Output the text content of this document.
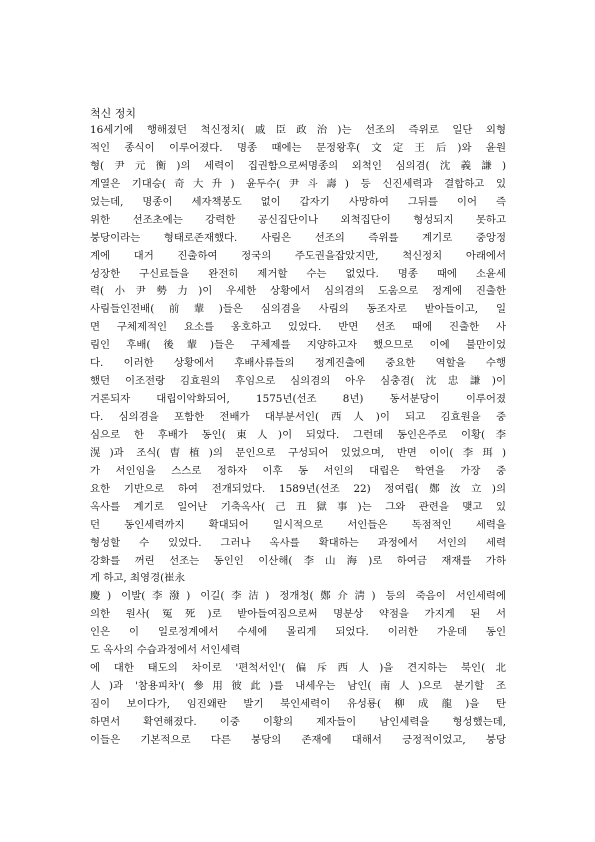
척신 정치
16세기에 행해졌던 척신정치(戚臣政治)는 선조의 즉위로 일단 외형
적인 종식이 이루어졌다. 명종 때에는 문정왕후(文定王后)와 윤원
형(尹元衡)의 세력이 집권함으로써명종의 외척인 심의겸(沈義謙)
계열은 기대승(奇大升) 윤두수(尹斗壽) 등 신진세력과 결합하고 있
었는데, 명종이 세자책봉도 없이 갑자기 사망하여 그뒤를 이어 즉
위한 선조초에는 강력한 공신집단이나 외척집단이 형성되지 못하고
붕당이라는 형태로존재했다. 사림은 선조의 즉위를 계기로 중앙정
계에 대거 진출하여 정국의 주도권을잡았지만, 척신정치 아래에서
성장한 구신료들을 완전히 제거할 수는 없었다. 명종 때에 소윤세
력(小尹勢力)이 우세한 상황에서 심의겸의 도움으로 정계에 진출한
사림들인전배(前輩)들은 심의겸을 사림의 동조자로 받아들이고, 일
면 구체제적인 요소를 옹호하고 있었다. 반면 선조 때에 진출한 사
림인 후배(後輩)들은 구체제를 지양하고자 했으므로 이에 불만이었
다. 이러한 상황에서 후배사류들의 정계진출에 중요한 역할을 수행
했던 이조전랑 김효원의 후임으로 심의겸의 아우 심충겸(沈忠謙)이
거론되자 대립이악화되어, 1575년(선조 8년) 동서분당이 이루어졌
다. 심의겸을 포함한 전배가 대부분서인(西人)이 되고 김효원을 중
심으로 한 후배가 동인(東人)이 되었다. 그런데 동인은주로 이황(李
滉)과 조식(曺植)의 문인으로 구성되어 있었으며, 반면 이이(李珥)
가 서인임을 스스로 정하자 이후 동 서인의 대립은 학연을 가장 중
요한 기반으로 하여 전개되었다. 1589년(선조 22) 정여립(鄭汝立)의
옥사를 계기로 일어난 기축옥사(己丑獄事)는 그와 관련을 맺고 있
던 동인세력까지 확대되어 일시적으로 서인들은 독점적인 세력을
형성할 수 있었다. 그러나 옥사를 확대하는 과정에서 서인의 세력
강화를 꺼린 선조는 동인인 이산해(李山海)로 하여금 재재를 가하
게 하고, 최영경(崔永
慶) 이발(李潑) 이길(李洁) 정개청(鄭介淸) 등의 죽음이 서인세력에
의한 원사(冤死)로 받아들여짐으로써 명분상 약점을 가지게 된 서
인은 이 일로정계에서 수세에 몰리게 되었다. 이러한 가운데 동인
도 옥사의 수습과정에서 서인세력
에 대한 태도의 차이로 '편척서인'(偏斥西人)을 견지하는 북인(北
人)과 '참용피차'(參用彼此)를 내세우는 남인(南人)으로 분기할 조
짐이 보이다가, 임진왜란 발기 북인세력이 유성룡(柳成龍)을 탄
하면서 확연해졌다. 이중 이황의 제자들이 남인세력을 형성했는데,
이들은 기본적으로 다른 붕당의 존재에 대해서 긍정적이었고, 붕당
